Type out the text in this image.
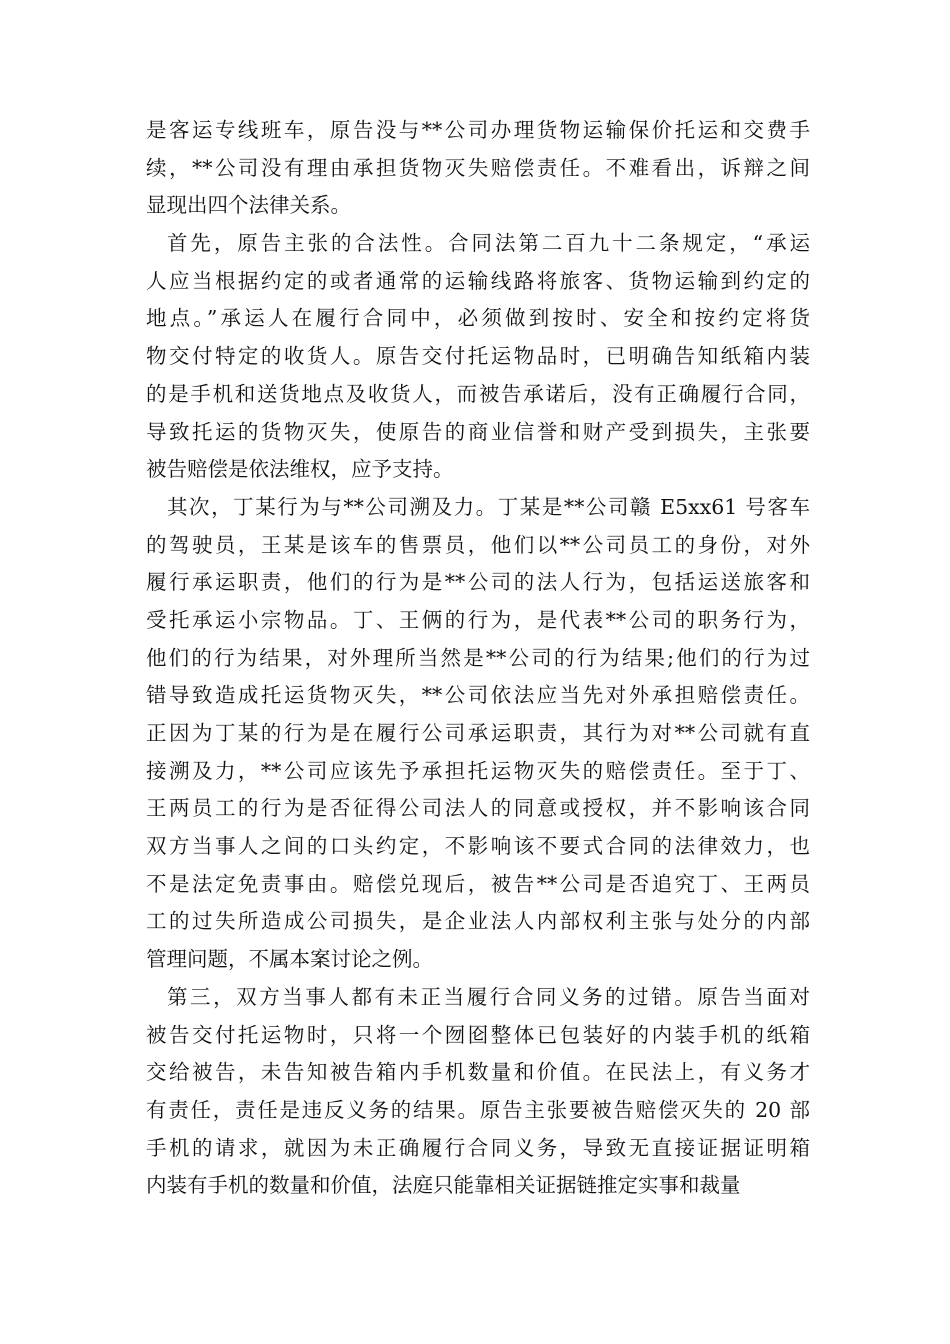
是客运专线班车，原告没与**公司办理货物运输保价托运和交费手
续，**公司没有理由承担货物灭失赔偿责任。不难看出，诉辩之间
显现出四个法律关系。
首先，原告主张的合法性。合同法第二百九十二条规定，“承运
人应当根据约定的或者通常的运输线路将旅客、货物运输到约定的
地点。”承运人在履行合同中，必须做到按时、安全和按约定将货
物交付特定的收货人。原告交付托运物品时，已明确告知纸箱内装
的是手机和送货地点及收货人，而被告承诺后，没有正确履行合同，
导致托运的货物灭失，使原告的商业信誉和财产受到损失，主张要
被告赔偿是依法维权，应予支持。
其次，丁某行为与**公司溯及力。丁某是**公司赣 E5xx61 号客车
的驾驶员，王某是该车的售票员，他们以**公司员工的身份，对外
履行承运职责，他们的行为是**公司的法人行为，包括运送旅客和
受托承运小宗物品。丁、王俩的行为，是代表**公司的职务行为，
他们的行为结果，对外理所当然是**公司的行为结果;他们的行为过
错导致造成托运货物灭失，**公司依法应当先对外承担赔偿责任。
正因为丁某的行为是在履行公司承运职责，其行为对**公司就有直
接溯及力，**公司应该先予承担托运物灭失的赔偿责任。至于丁、
王两员工的行为是否征得公司法人的同意或授权，并不影响该合同
双方当事人之间的口头约定，不影响该不要式合同的法律效力，也
不是法定免责事由。赔偿兑现后，被告**公司是否追究丁、王两员
工的过失所造成公司损失，是企业法人内部权利主张与处分的内部
管理问题，不属本案讨论之例。
第三，双方当事人都有未正当履行合同义务的过错。原告当面对
被告交付托运物时，只将一个囫囵整体已包装好的内装手机的纸箱
交给被告，未告知被告箱内手机数量和价值。在民法上，有义务才
有责任，责任是违反义务的结果。原告主张要被告赔偿灭失的 20 部
手机的请求，就因为未正确履行合同义务，导致无直接证据证明箱
内装有手机的数量和价值，法庭只能靠相关证据链推定实事和裁量
